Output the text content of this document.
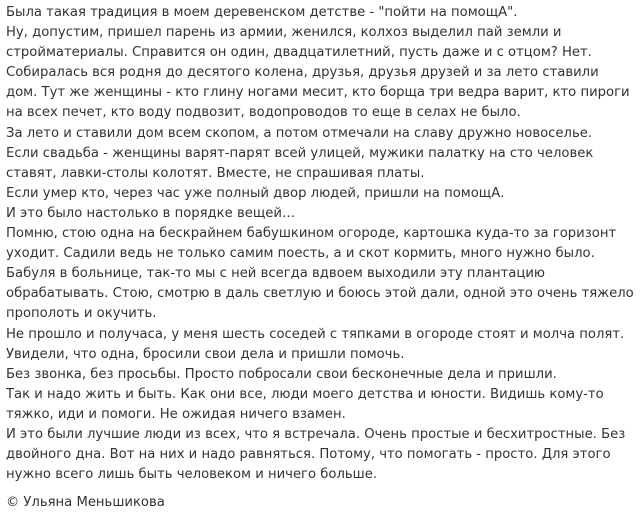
Была такая традиция в моем деревенском детстве - "пойти на помощА".

Ну, допустим, пришел парень из армии, женился, колхоз выделил пай земли и стройматериалы. Справится он один, двадцатилетний, пусть даже и с отцом? Нет.

Собиралась вся родня до десятого колена, друзья, друзья друзей и за лето ставили дом. Тут же женщины - кто глину ногами месит, кто борща три ведра варит, кто пироги на всех печет, кто воду подвозит, водопроводов то еще в селах не было.

За лето и ставили дом всем скопом, а потом отмечали на славу дружно новоселье.

Если свадьба - женщины варят-парят всей улицей, мужики палатку на сто человек ставят, лавки-столы колотят. Вместе, не спрашивая платы.

Если умер кто, через час уже полный двор людей, пришли на помощА.

И это было настолько в порядке вещей…

Помню, стою одна на бескрайнем бабушкином огороде, картошка куда-то за горизонт уходит. Садили ведь не только самим поесть, а и скот кормить, много нужно было. Бабуля в больнице, так-то мы с ней всегда вдвоем выходили эту плантацию обрабатывать. Стою, смотрю в даль светлую и боюсь этой дали, одной это очень тяжело прополоть и окучить.

Не прошло и получаса, у меня шесть соседей с тяпками в огороде стоят и молча полят. Увидели, что одна, бросили свои дела и пришли помочь.

Без звонка, без просьбы. Просто побросали свои бесконечные дела и пришли.

Так и надо жить и быть. Как они все, люди моего детства и юности. Видишь кому-то тяжко, иди и помоги. Не ожидая ничего взамен.

И это были лучшие люди из всех, что я встречала. Очень простые и бесхитростные. Без двойного дна. Вот на них и надо равняться. Потому, что помогать - просто. Для этого нужно всего лишь быть человеком и ничего больше.

© Ульяна Меньшикова
